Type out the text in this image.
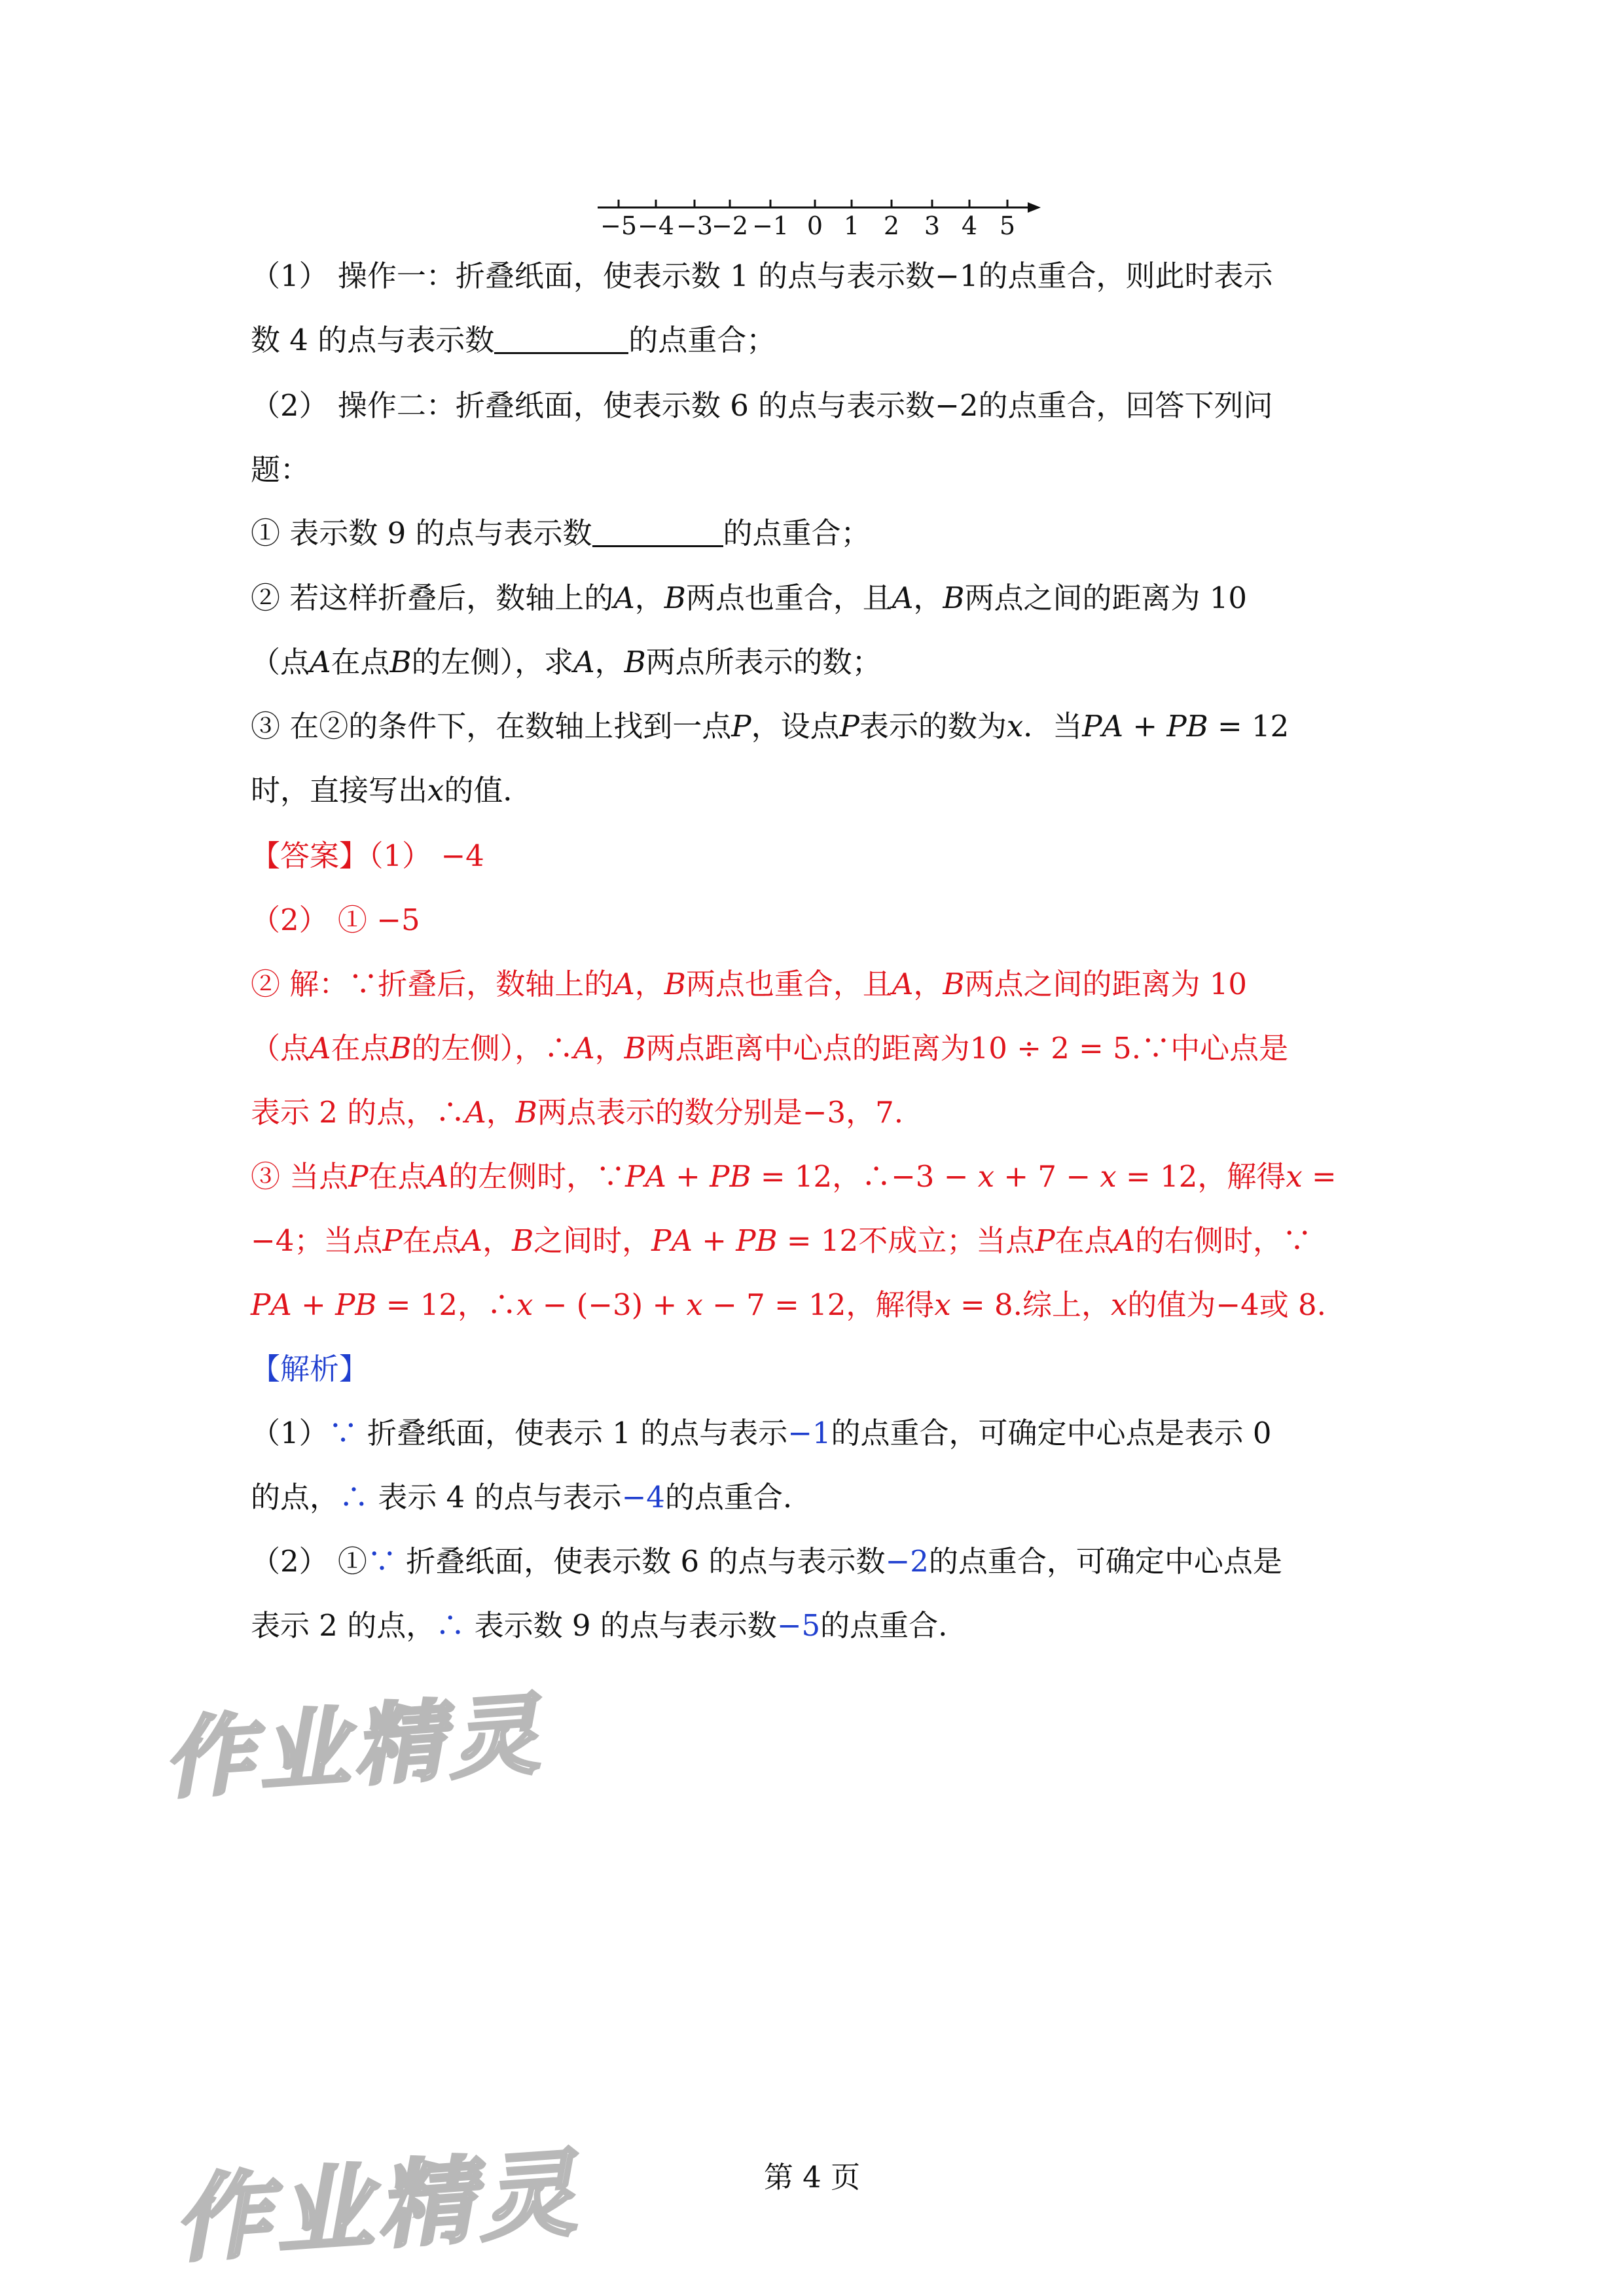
−5 −4 −3
−2 −1 0 1 2 3 4 5
（1） 操作一：折叠纸面，使表示数 1 的点与表示数−1的点重合，则此时表示
数 4 的点与表示数	的点重合；
（2） 操作二：折叠纸面，使表示数 6 的点与表示数−2的点重合，回答下列问
题：
① 表示数 9 的点与表示数	的点重合；
② 若这样折叠后，数轴上的𝐴，𝐵两点也重合，且𝐴，𝐵两点之间的距离为 10
（点𝐴在点𝐵的左侧），求𝐴，𝐵两点所表示的数；
③ 在②的条件下，在数轴上找到一点𝑃，设点𝑃表示的数为𝑥．当𝑃𝐴 + 𝑃𝐵 = 12
时，直接写出𝑥的值．
【答案】（1） −4
（2） ① −5
② 解：∵折叠后，数轴上的𝐴，𝐵两点也重合，且𝐴，𝐵两点之间的距离为 10
（点𝐴在点𝐵的左侧），∴𝐴，𝐵两点距离中心点的距离为10 ÷ 2 = 5.∵中心点是
表示 2 的点，∴𝐴，𝐵两点表示的数分别是−3，7.
③ 当点𝑃在点𝐴的左侧时，∵𝑃𝐴 + 𝑃𝐵 = 12，∴−3 − 𝑥 + 7 − 𝑥 = 12，解得𝑥 =
−4；当点𝑃在点𝐴，𝐵之间时，𝑃𝐴 + 𝑃𝐵 = 12不成立；当点𝑃在点𝐴的右侧时，∵
𝑃𝐴 + 𝑃𝐵 = 12，∴𝑥 − (−3) + 𝑥 − 7 = 12，解得𝑥 = 8.综上，𝑥的值为−4或 8.
【解析】
（1）∵ 折叠纸面，使表示 1 的点与表示−1的点重合，可确定中心点是表示 0
的点，∴ 表示 4 的点与表示−4的点重合.
（2） ①∵ 折叠纸面，使表示数 6 的点与表示数−2的点重合，可确定中心点是
表示 2 的点，∴ 表示数 9 的点与表示数−5的点重合.
作业精灵
作业精灵	第 4 页
